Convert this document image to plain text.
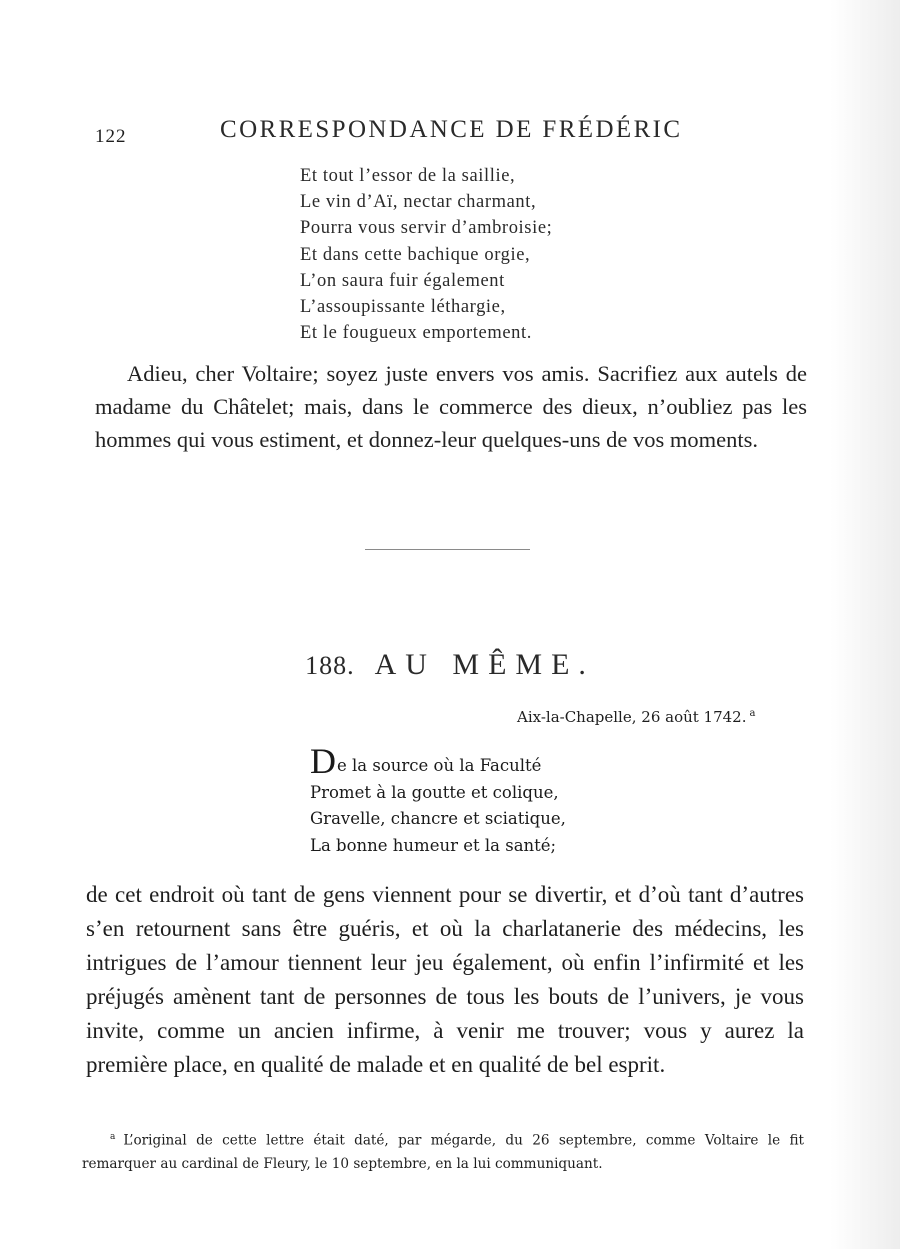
122	CORRESPONDANCE DE FRÉDÉRIC
Et tout l’essor de la saillie,
Le vin d’Aï, nectar charmant,
Pourra vous servir d’ambroisie;
Et dans cette bachique orgie,
L’on saura fuir également
L’assoupissante léthargie,
Et le fougueux emportement.

Adieu, cher Voltaire; soyez juste envers vos amis. Sacrifiez aux autels de madame du Châtelet; mais, dans le commerce des dieux, n’oubliez pas les hommes qui vous estiment, et donnez-leur quelques-uns de vos moments.

188. AU MÊME.
Aix-la-Chapelle, 26 août 1742. $^a$
De la source où la Faculté
Promet à la goutte et colique,
Gravelle, chancre et sciatique,
La bonne humeur et la santé;

de cet endroit où tant de gens viennent pour se divertir, et d’où tant d’autres s’en retournent sans être guéris, et où la charlatanerie des médecins, les intrigues de l’amour tiennent leur jeu également, où enfin l’infirmité et les préjugés amènent tant de personnes de tous les bouts de l’univers, je vous invite, comme un ancien infirme, à venir me trouver; vous y aurez la première place, en qualité de malade et en qualité de bel esprit.

$^a$ L’original de cette lettre était daté, par mégarde, du 26 septembre, comme Voltaire le fit remarquer au cardinal de Fleury, le 10 septembre, en la lui communiquant.
